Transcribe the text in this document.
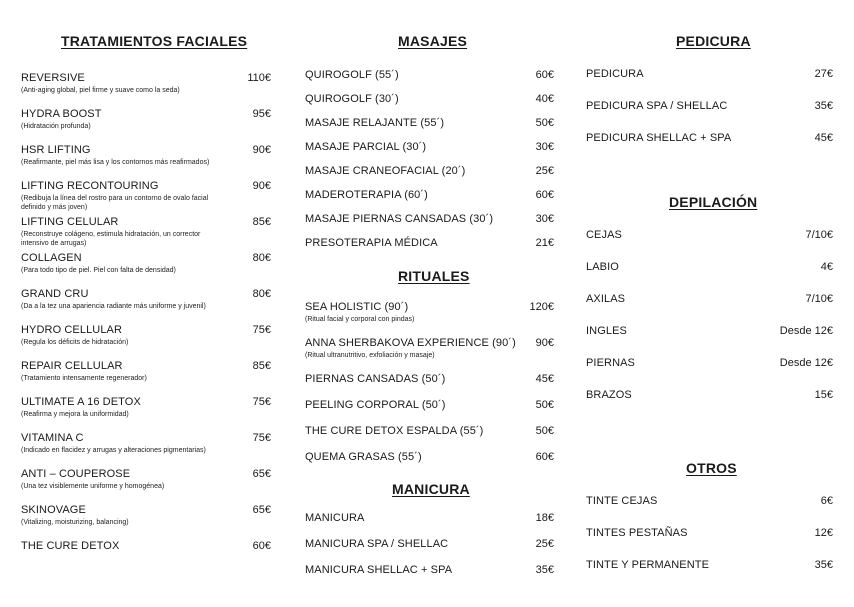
TRATAMIENTOS FACIALES
REVERSIVE
(Anti-aging global, piel firme y suave como la seda)
110€
HYDRA BOOST
(Hidratación profunda)
95€
HSR LIFTING
(Reafirmante, piel más lisa y los contornos más reafirmados)
90€
LIFTING RECONTOURING
(Redibuja la línea del rostro para un contorno de ovalo facial definido y más joven)
90€
LIFTING CELULAR
(Reconstruye colágeno, estimula hidratación, un corrector intensivo de arrugas)
85€
COLLAGEN
(Para todo tipo de piel. Piel con falta de densidad)
80€
GRAND CRU
(Da a la tez una apariencia radiante más uniforme y juvenil)
80€
HYDRO CELLULAR
(Regula los déficits de hidratación)
75€
REPAIR CELLULAR
(Tratamiento intensamente regenerador)
85€
ULTIMATE A 16 DETOX
(Reafirma y mejora la uniformidad)
75€
VITAMINA C
(Indicado en flacidez y arrugas y alteraciones pigmentarias)
75€
ANTI – COUPEROSE
(Una tez visiblemente uniforme y homogénea)
65€
SKINOVAGE
(Vitalizing, moisturizing, balancing)
65€
THE CURE DETOX	60€
MASAJES
QUIROGOLF (55´)	60€
QUIROGOLF (30´)	40€
MASAJE RELAJANTE (55´)	50€
MASAJE PARCIAL (30´)	30€
MASAJE CRANEOFACIAL (20´)	25€
MADEROTERAPIA (60´)	60€
MASAJE PIERNAS CANSADAS (30´)	30€
PRESOTERAPIA MÉDICA	21€
RITUALES
SEA HOLISTIC (90´)
(Ritual facial y corporal con pindas)
120€
ANNA SHERBAKOVA EXPERIENCE (90´)
(Ritual ultranutritivo, exfoliación y masaje)
90€
PIERNAS CANSADAS (50´)	45€
PEELING CORPORAL (50´)	50€
THE CURE DETOX ESPALDA (55´)	50€
QUEMA GRASAS (55´)	60€
MANICURA
MANICURA	18€
MANICURA SPA / SHELLAC	25€
MANICURA SHELLAC + SPA	35€
PEDICURA
PEDICURA	27€
PEDICURA SPA / SHELLAC	35€
PEDICURA SHELLAC + SPA	45€
DEPILACIÓN
CEJAS	7/10€
LABIO	4€
AXILAS	7/10€
INGLES	Desde 12€
PIERNAS	Desde 12€
BRAZOS	15€
OTROS
TINTE CEJAS	6€
TINTES PESTAÑAS	12€
TINTE Y PERMANENTE	35€
